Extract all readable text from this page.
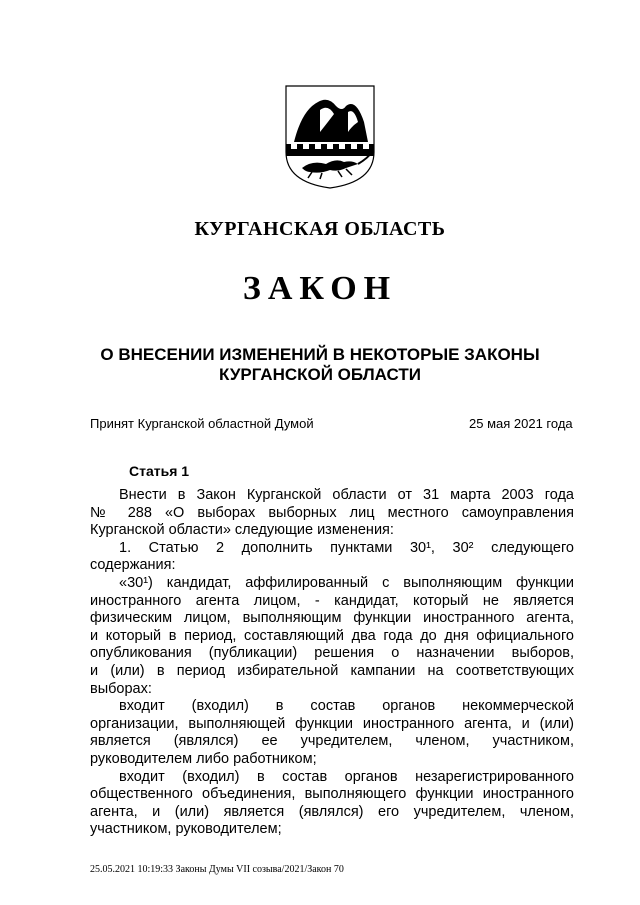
КУРГАНСКАЯ ОБЛАСТЬ
ЗАКОН
О ВНЕСЕНИИ ИЗМЕНЕНИЙ В НЕКОТОРЫЕ ЗАКОНЫ
КУРГАНСКОЙ ОБЛАСТИ
Принят Курганской областной Думой	25 мая 2021 года
Статья 1
Внести в Закон Курганской области от 31 марта 2003 года
№ 288 «О выборах выборных лиц местного самоуправления
Курганской области» следующие изменения:
1. Статью 2 дополнить пунктами 30¹, 30² следующего
содержания:
«30¹) кандидат, аффилированный с выполняющим функции
иностранного агента лицом, - кандидат, который не является
физическим лицом, выполняющим функции иностранного агента,
и который в период, составляющий два года до дня официального
опубликования (публикации) решения о назначении выборов,
и (или) в период избирательной кампании на соответствующих
выборах:
входит (входил) в состав органов некоммерческой
организации, выполняющей функции иностранного агента, и (или)
является (являлся) ее учредителем, членом, участником,
руководителем либо работником;
входит (входил) в состав органов незарегистрированного
общественного объединения, выполняющего функции иностранного
агента, и (или) является (являлся) его учредителем, членом,
участником, руководителем;
25.05.2021 10:19:33 Законы Думы VII созыва/2021/Закон 70
